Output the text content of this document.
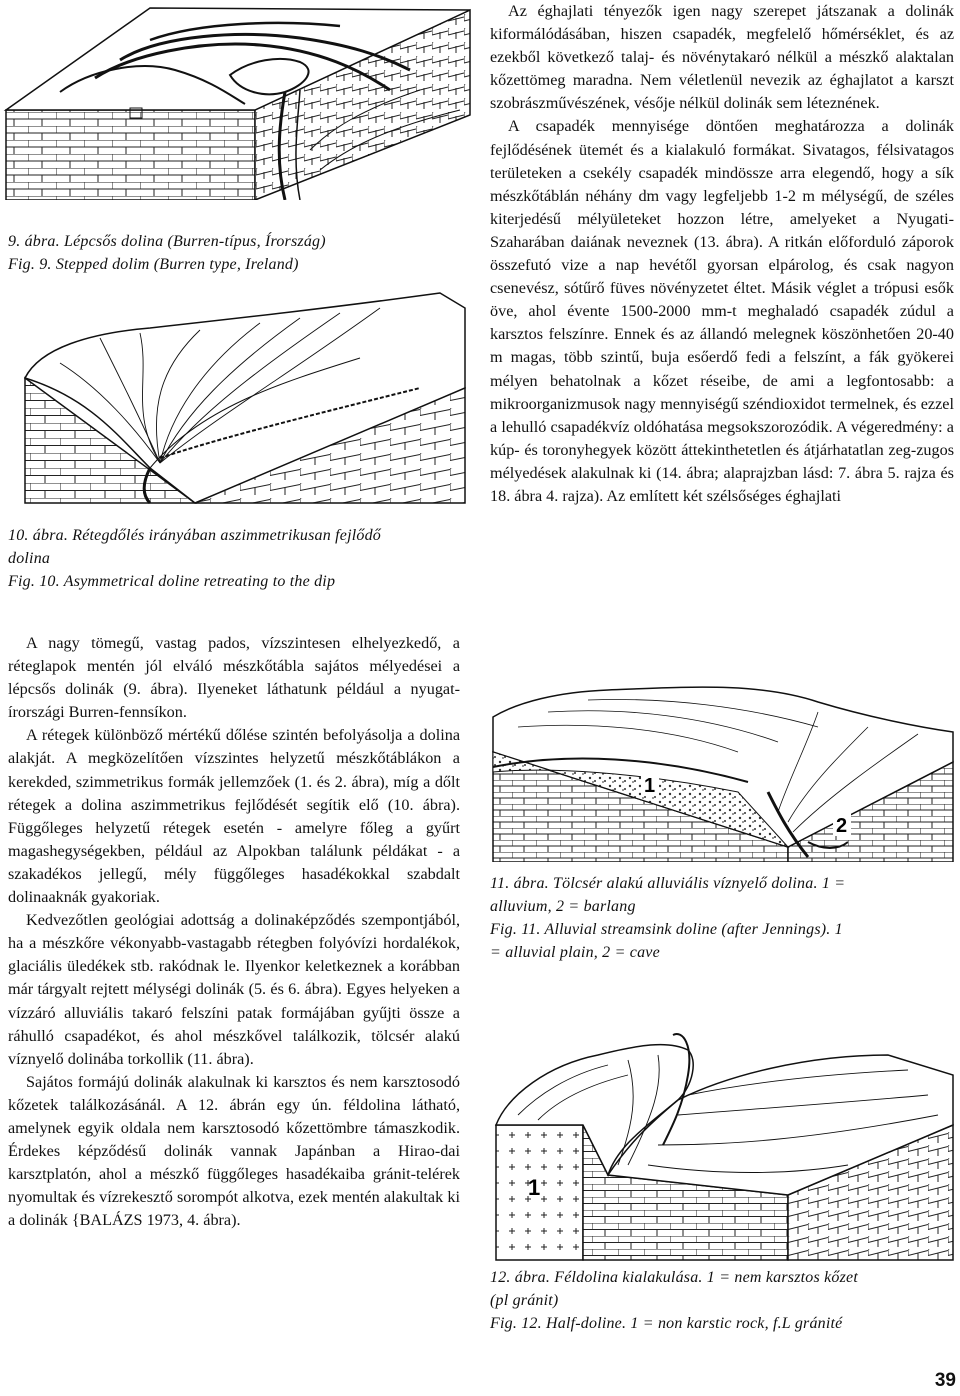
9. ábra. Lépcsős dolina (Burren-típus, Írország)
Fig. 9. Stepped dolim (Burren type, Ireland)
10. ábra. Rétegdőlés irányában aszimmetrikusan fejlődő
dolina
Fig. 10. Asymmetrical doline retreating to the dip

A nagy tömegű, vastag pados, vízszintesen elhelyezkedő, a réteglapok mentén jól elváló mészkőtábla sajátos mélyedései a lépcsős dolinák (9. ábra). Ilyeneket láthatunk például a nyugat-írországi Burren-fennsíkon.

A rétegek különböző mértékű dőlése szintén befolyásolja a dolina alakját. A megközelítően vízszintes helyzetű mészkőtáblákon a kerekded, szimmetrikus formák jellemzőek (1. és 2. ábra), míg a dőlt rétegek a dolina aszimmetrikus fejlődését segítik elő (10. ábra). Függőleges helyzetű rétegek esetén - amelyre főleg a gyűrt magashegységekben, például az Alpokban találunk példákat - a szakadékos jellegű, mély függőleges hasadékokkal szabdalt dolinaaknák gyakoriak.

Kedvezőtlen geológiai adottság a dolinaképződés szempontjából, ha a mészkőre vékonyabb-vastagabb rétegben folyóvízi hordalékok, glaciális üledékek stb. rakódnak le. Ilyenkor keletkeznek a korábban már tárgyalt rejtett mélységi dolinák (5. és 6. ábra). Egyes helyeken a vízzáró alluviális takaró felszíni patak formájában gyűjti össze a ráhulló csapadékot, és ahol mészkővel találkozik, tölcsér alakú víznyelő dolinába torkollik (11. ábra).

Sajátos formájú dolinák alakulnak ki karsztos és nem karsztosodó kőzetek találkozásánál. A 12. ábrán egy ún. féldolina látható, amelynek egyik oldala nem karsztosodó kőzettömbre támaszkodik. Érdekes képződésű dolinák vannak Japánban a Hirao-dai karsztplatón, ahol a mészkő függőleges hasadékaiba gránit-telérek nyomultak és vízrekesztő sorompót alkotva, ezek mentén alakultak ki a dolinák {BALÁZS 1973, 4. ábra).

Az éghajlati tényezők igen nagy szerepet játszanak a dolinák kiformálódásában, hiszen csapadék, megfelelő hőmérséklet, és az ezekből következő talaj- és növénytakaró nélkül a mészkő alaktalan kőzettömeg maradna. Nem véletlenül nevezik az éghajlatot a karszt szobrászművészének, vésője nélkül dolinák sem léteznének.

A csapadék mennyisége döntően meghatározza a dolinák fejlődésének ütemét és a kialakuló formákat. Sivatagos, félsivatagos területeken a csekély csapadék mindössze arra elegendő, hogy a sík mészkőtáblán néhány dm vagy legfeljebb 1-2 m mélységű, de széles kiterjedésű mélyületeket hozzon létre, amelyeket a Nyugati-Szaharában daiának neveznek (13. ábra). A ritkán előforduló záporok összefutó vize a nap hevétől gyorsan elpárolog, és csak nagyon csenevész, sótűrő füves növényzetet éltet. Másik véglet a trópusi esők öve, ahol évente 1500-2000 mm-t meghaladó csapadék zúdul a karsztos felszínre. Ennek és az állandó melegnek köszönhetően 20-40 m magas, több szintű, buja esőerdő fedi a felszínt, a fák gyökerei mélyen behatolnak a kőzet réseibe, de ami a legfontosabb: a mikroorganizmusok nagy mennyiségű széndioxidot termelnek, és ezzel a lehulló csapadékvíz oldóhatása megsokszorozódik. A végeredmény: a kúp- és toronyhegyek között áttekinthetetlen és átjárhatatlan zeg-zugos mélyedések alakulnak ki (14. ábra; alaprajzban lásd: 7. ábra 5. rajza és 18. ábra 4. rajza). Az említett két szélsőséges éghajlati

1
2
11. ábra. Tölcsér alakú alluviális víznyelő dolina. 1 =
alluvium, 2 = barlang
Fig. 11. Alluvial streamsink doline (after Jennings). 1
= alluvial plain, 2 = cave
1
12. ábra. Féldolina kialakulása. 1 = nem karsztos kőzet
(pl gránit)
Fig. 12. Half-doline. 1 = non karstic rock, f.L gránité
39
